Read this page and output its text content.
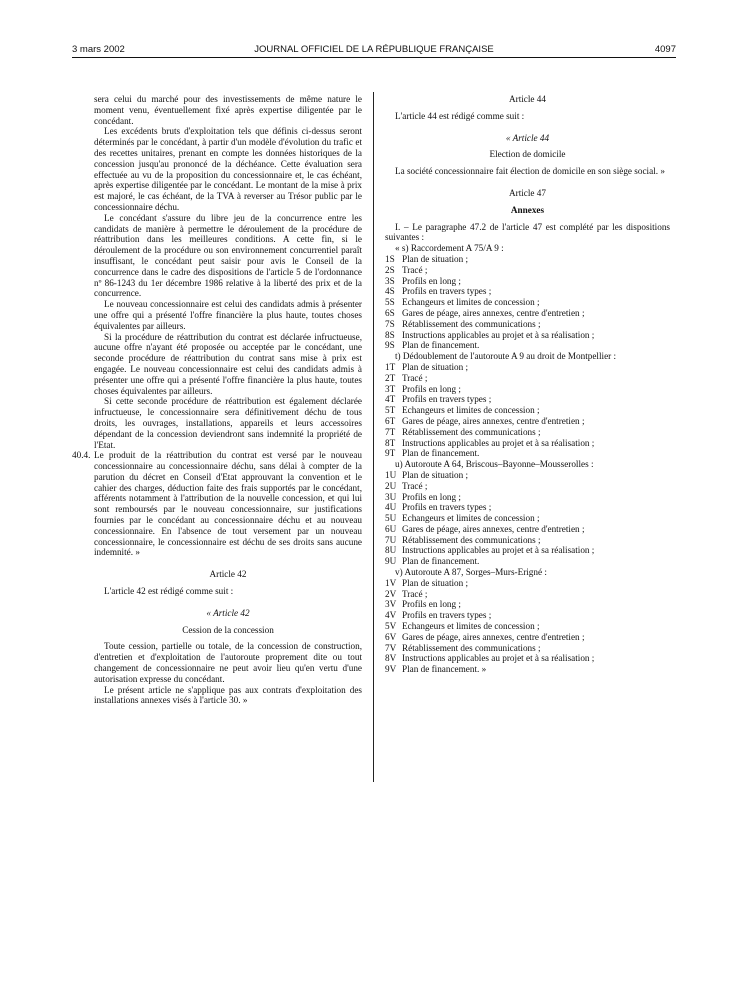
3 mars 2002	JOURNAL OFFICIEL DE LA RÉPUBLIQUE FRANÇAISE	4097

sera celui du marché pour des investissements de même nature le moment venu, éventuellement fixé après expertise diligentée par le concédant.

Les excédents bruts d'exploitation tels que définis ci-dessus seront déterminés par le concédant, à partir d'un modèle d'évolution du trafic et des recettes unitaires, prenant en compte les données historiques de la concession jusqu'au prononcé de la déchéance. Cette évaluation sera effectuée au vu de la proposition du concessionnaire et, le cas échéant, après expertise diligentée par le concédant. Le montant de la mise à prix est majoré, le cas échéant, de la TVA à reverser au Trésor public par le concessionnaire déchu.

Le concédant s'assure du libre jeu de la concurrence entre les candidats de manière à permettre le déroulement de la procédure de réattribution dans les meilleures conditions. A cette fin, si le déroulement de la procédure ou son environnement concurrentiel paraît insuffisant, le concédant peut saisir pour avis le Conseil de la concurrence dans le cadre des dispositions de l'article 5 de l'ordonnance nº 86-1243 du 1er décembre 1986 relative à la liberté des prix et de la concurrence.

Le nouveau concessionnaire est celui des candidats admis à présenter une offre qui a présenté l'offre financière la plus haute, toutes choses équivalentes par ailleurs.

Si la procédure de réattribution du contrat est déclarée infructueuse, aucune offre n'ayant été proposée ou acceptée par le concédant, une seconde procédure de réattribution du contrat sans mise à prix est engagée. Le nouveau concessionnaire est celui des candidats admis à présenter une offre qui a présenté l'offre financière la plus haute, toutes choses équivalentes par ailleurs.

Si cette seconde procédure de réattribution est également déclarée infructueuse, le concessionnaire sera définitivement déchu de tous droits, les ouvrages, installations, appareils et leurs accessoires dépendant de la concession deviendront sans indemnité la propriété de l'Etat.

40.4. Le produit de la réattribution du contrat est versé par le nouveau concessionnaire au concessionnaire déchu, sans délai à compter de la parution du décret en Conseil d'Etat approuvant la convention et le cahier des charges, déduction faite des frais supportés par le concédant, afférents notamment à l'attribution de la nouvelle concession, et qui lui sont remboursés par le nouveau concessionnaire, sur justifications fournies par le concédant au concessionnaire déchu et au nouveau concessionnaire. En l'absence de tout versement par un nouveau concessionnaire, le concessionnaire est déchu de ses droits sans aucune indemnité. »

Article 42

L'article 42 est rédigé comme suit :

« Article 42

Cession de la concession

Toute cession, partielle ou totale, de la concession de construction, d'entretien et d'exploitation de l'autoroute proprement dite ou tout changement de concessionnaire ne peut avoir lieu qu'en vertu d'une autorisation expresse du concédant.

Le présent article ne s'applique pas aux contrats d'exploitation des installations annexes visés à l'article 30. »

Article 44

L'article 44 est rédigé comme suit :

« Article 44

Election de domicile

La société concessionnaire fait élection de domicile en son siège social. »

Article 47

Annexes

I. – Le paragraphe 47.2 de l'article 47 est complété par les dispositions suivantes :

« s) Raccordement A 75/A 9 :

1S Plan de situation ;
2S Tracé ;
3S Profils en long ;
4S Profils en travers types ;
5S Echangeurs et limites de concession ;
6S Gares de péage, aires annexes, centre d'entretien ;
7S Rétablissement des communications ;
8S Instructions applicables au projet et à sa réalisation ;
9S Plan de financement.

t) Dédoublement de l'autoroute A 9 au droit de Montpellier :

1T Plan de situation ;
2T Tracé ;
3T Profils en long ;
4T Profils en travers types ;
5T Echangeurs et limites de concession ;
6T Gares de péage, aires annexes, centre d'entretien ;
7T Rétablissement des communications ;
8T Instructions applicables au projet et à sa réalisation ;
9T Plan de financement.

u) Autoroute A 64, Briscous–Bayonne–Mousserolles :

1U Plan de situation ;
2U Tracé ;
3U Profils en long ;
4U Profils en travers types ;
5U Echangeurs et limites de concession ;
6U Gares de péage, aires annexes, centre d'entretien ;
7U Rétablissement des communications ;
8U Instructions applicables au projet et à sa réalisation ;
9U Plan de financement.

v) Autoroute A 87, Sorges–Murs-Erigné :

1V Plan de situation ;
2V Tracé ;
3V Profils en long ;
4V Profils en travers types ;
5V Echangeurs et limites de concession ;
6V Gares de péage, aires annexes, centre d'entretien ;
7V Rétablissement des communications ;
8V Instructions applicables au projet et à sa réalisation ;
9V Plan de financement. »
